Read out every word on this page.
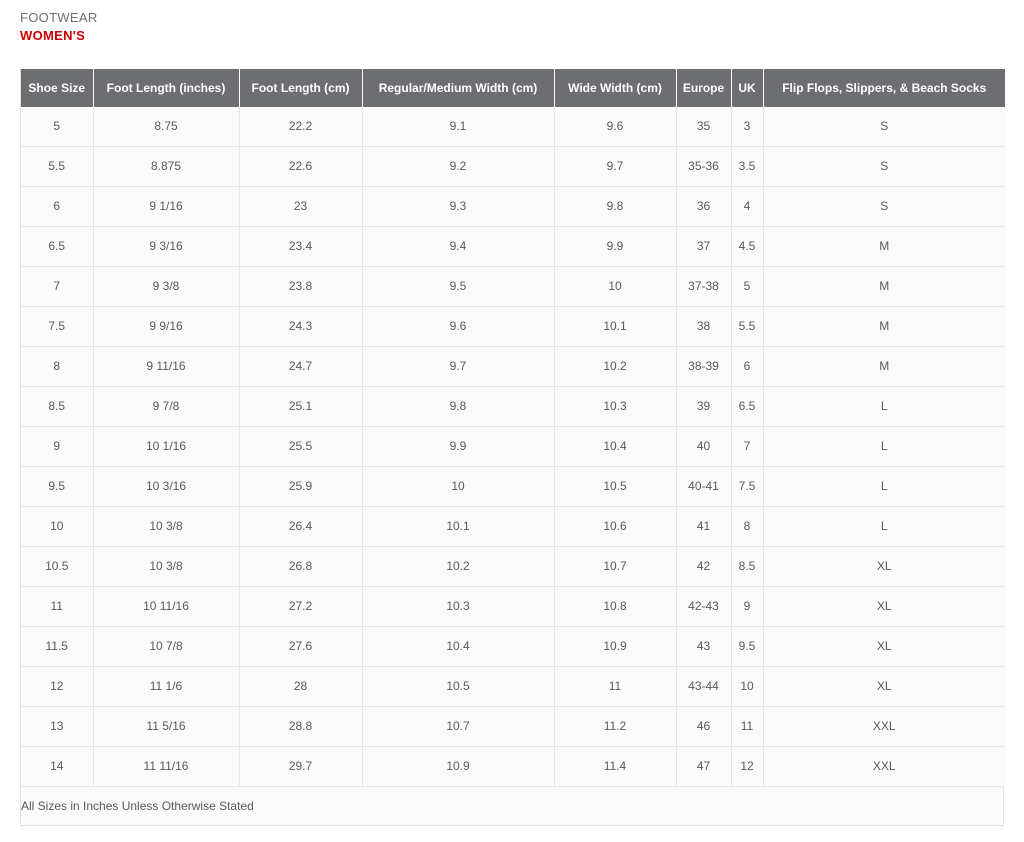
FOOTWEAR
WOMEN'S
Shoe Size	Foot Length (inches)	Foot Length (cm)	Regular/Medium Width (cm)	Wide Width (cm)	Europe	UK	Flip Flops, Slippers, & Beach Socks
5	8.75	22.2	9.1	9.6	35	3	S
5.5	8.875	22.6	9.2	9.7	35-36	3.5	S
6	9 1/16	23	9.3	9.8	36	4	S
6.5	9 3/16	23.4	9.4	9.9	37	4.5	M
7	9 3/8	23.8	9.5	10	37-38	5	M
7.5	9 9/16	24.3	9.6	10.1	38	5.5	M
8	9 11/16	24.7	9.7	10.2	38-39	6	M
8.5	9 7/8	25.1	9.8	10.3	39	6.5	L
9	10 1/16	25.5	9.9	10.4	40	7	L
9.5	10 3/16	25.9	10	10.5	40-41	7.5	L
10	10 3/8	26.4	10.1	10.6	41	8	L
10.5	10 3/8	26.8	10.2	10.7	42	8.5	XL
11	10 11/16	27.2	10.3	10.8	42-43	9	XL
11.5	10 7/8	27.6	10.4	10.9	43	9.5	XL
12	11 1/6	28	10.5	11	43-44	10	XL
13	11 5/16	28.8	10.7	11.2	46	11	XXL
14	11 11/16	29.7	10.9	11.4	47	12	XXL
All Sizes in Inches Unless Otherwise Stated
